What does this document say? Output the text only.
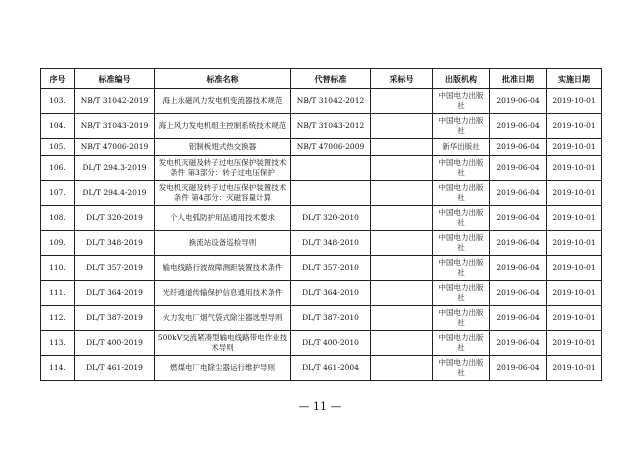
序号	标准编号	标准名称	代替标准	采标号	出版机构	批准日期	实施日期
103.	NB/T 31042-2019	海上永磁风力发电机变流器技术规范	NB/T 31042-2012		中国电力出版社	2019-06-04	2019-10-01
104.	NB/T 31043-2019	海上风力发电机组主控制系统技术规范	NB/T 31043-2012		中国电力出版社	2019-06-04	2019-10-01
105.	NB/T 47006-2019	铝制板翅式热交换器	NB/T 47006-2009		新华出版社	2019-06-04	2019-10-01
106.	DL/T 294.3-2019	发电机灭磁及转子过电压保护装置技术条件 第3部分：转子过电压保护			中国电力出版社	2019-06-04	2019-10-01
107.	DL/T 294.4-2019	发电机灭磁及转子过电压保护装置技术条件 第4部分：灭磁容量计算			中国电力出版社	2019-06-04	2019-10-01
108.	DL/T 320-2019	个人电弧防护用品通用技术要求	DL/T 320-2010		中国电力出版社	2019-06-04	2019-10-01
109.	DL/T 348-2019	换流站设备巡检导则	DL/T 348-2010		中国电力出版社	2019-06-04	2019-10-01
110.	DL/T 357-2019	输电线路行波故障测距装置技术条件	DL/T 357-2010		中国电力出版社	2019-06-04	2019-10-01
111.	DL/T 364-2019	光纤通道传输保护信息通用技术条件	DL/T 364-2010		中国电力出版社	2019-06-04	2019-10-01
112.	DL/T 387-2019	火力发电厂烟气袋式除尘器选型导则	DL/T 387-2010		中国电力出版社	2019-06-04	2019-10-01
113.	DL/T 400-2019	500kV交流紧凑型输电线路带电作业技术导则	DL/T 400-2010		中国电力出版社	2019-06-04	2019-10-01
114.	DL/T 461-2019	燃煤电厂电除尘器运行维护导则	DL/T 461-2004		中国电力出版社	2019-06-04	2019-10-01
— 11 —
